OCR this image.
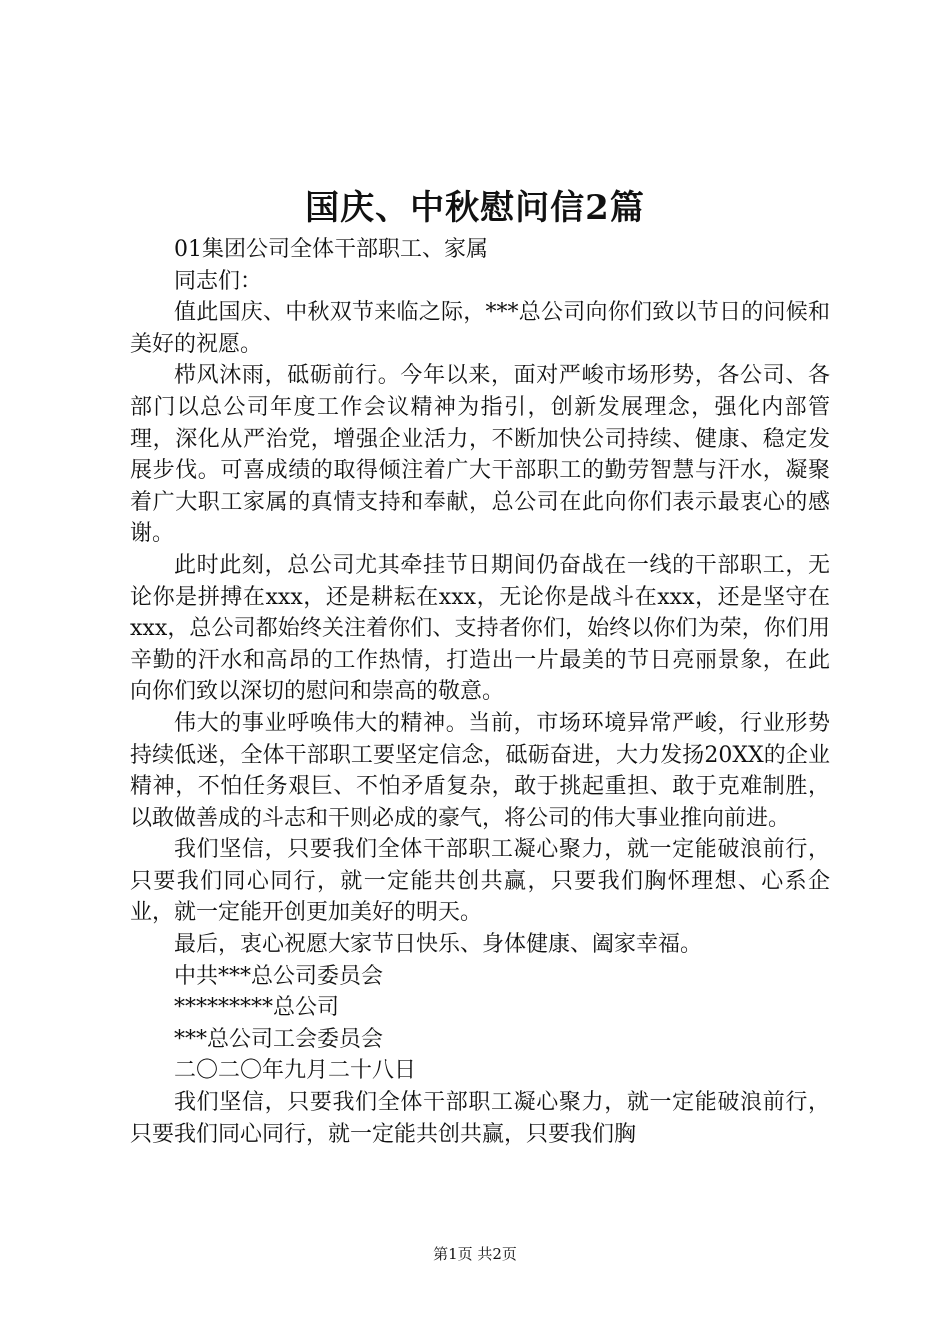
国庆、中秋慰问信2篇

01集团公司全体干部职工、家属

同志们：

值此国庆、中秋双节来临之际，***总公司向你们致以节日的问候和美好的祝愿。

栉风沐雨，砥砺前行。今年以来，面对严峻市场形势，各公司、各部门以总公司年度工作会议精神为指引，创新发展理念，强化内部管理，深化从严治党，增强企业活力，不断加快公司持续、健康、稳定发展步伐。可喜成绩的取得倾注着广大干部职工的勤劳智慧与汗水，凝聚着广大职工家属的真情支持和奉献，总公司在此向你们表示最衷心的感谢。

此时此刻，总公司尤其牵挂节日期间仍奋战在一线的干部职工，无论你是拼搏在xxx，还是耕耘在xxx，无论你是战斗在xxx，还是坚守在xxx，总公司都始终关注着你们、支持者你们，始终以你们为荣，你们用辛勤的汗水和高昂的工作热情，打造出一片最美的节日亮丽景象，在此向你们致以深切的慰问和崇高的敬意。

伟大的事业呼唤伟大的精神。当前，市场环境异常严峻，行业形势持续低迷，全体干部职工要坚定信念，砥砺奋进，大力发扬20XX的企业精神，不怕任务艰巨、不怕矛盾复杂，敢于挑起重担、敢于克难制胜，以敢做善成的斗志和干则必成的豪气，将公司的伟大事业推向前进。

我们坚信，只要我们全体干部职工凝心聚力，就一定能破浪前行，只要我们同心同行，就一定能共创共赢，只要我们胸怀理想、心系企业，就一定能开创更加美好的明天。

最后，衷心祝愿大家节日快乐、身体健康、阖家幸福。

中共***总公司委员会

*********总公司

***总公司工会委员会

二〇二〇年九月二十八日

我们坚信，只要我们全体干部职工凝心聚力，就一定能破浪前行，只要我们同心同行，就一定能共创共赢，只要我们胸

第1页 共2页
